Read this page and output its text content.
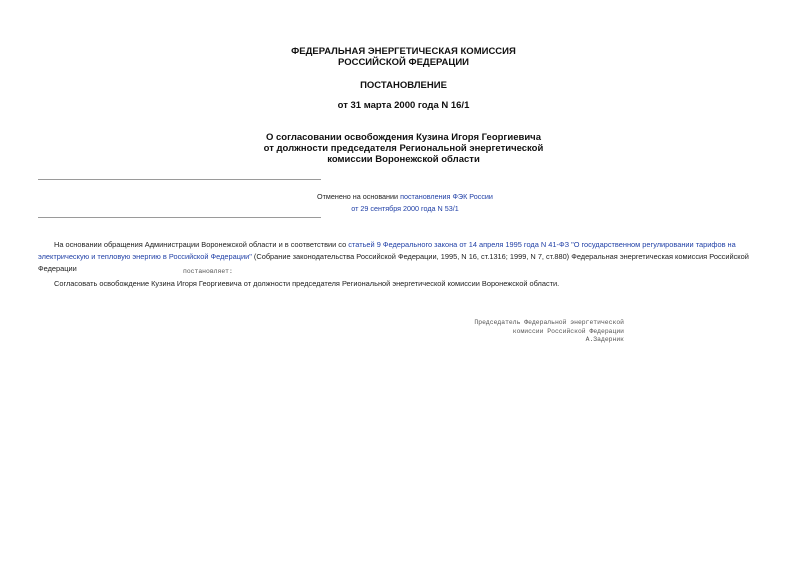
ФЕДЕРАЛЬНАЯ ЭНЕРГЕТИЧЕСКАЯ КОМИССИЯ
РОССИЙСКОЙ ФЕДЕРАЦИИ
ПОСТАНОВЛЕНИЕ
от 31 марта 2000 года N 16/1
О согласовании освобождения Кузина Игоря Георгиевича
от должности председателя Региональной энергетической
комиссии Воронежской области
Отменено на основании постановления ФЭК России
от 29 сентября 2000 года N 53/1
На основании обращения Администрации Воронежской области и в соответствии со статьей 9 Федерального закона от 14 апреля 1995 года N 41-ФЗ "О государственном регулировании тарифов на электрическую и тепловую энергию в Российской Федерации" (Собрание законодательства Российской Федерации, 1995, N 16, ст.1316; 1999, N 7, ст.880) Федеральная энергетическая комиссия Российской Федерации	постановляет:
Согласовать освобождение Кузина Игоря Георгиевича от должности председателя Региональной энергетической комиссии Воронежской области.
Председатель Федеральной энергетической
комиссии Российской Федерации
А.Задерник
